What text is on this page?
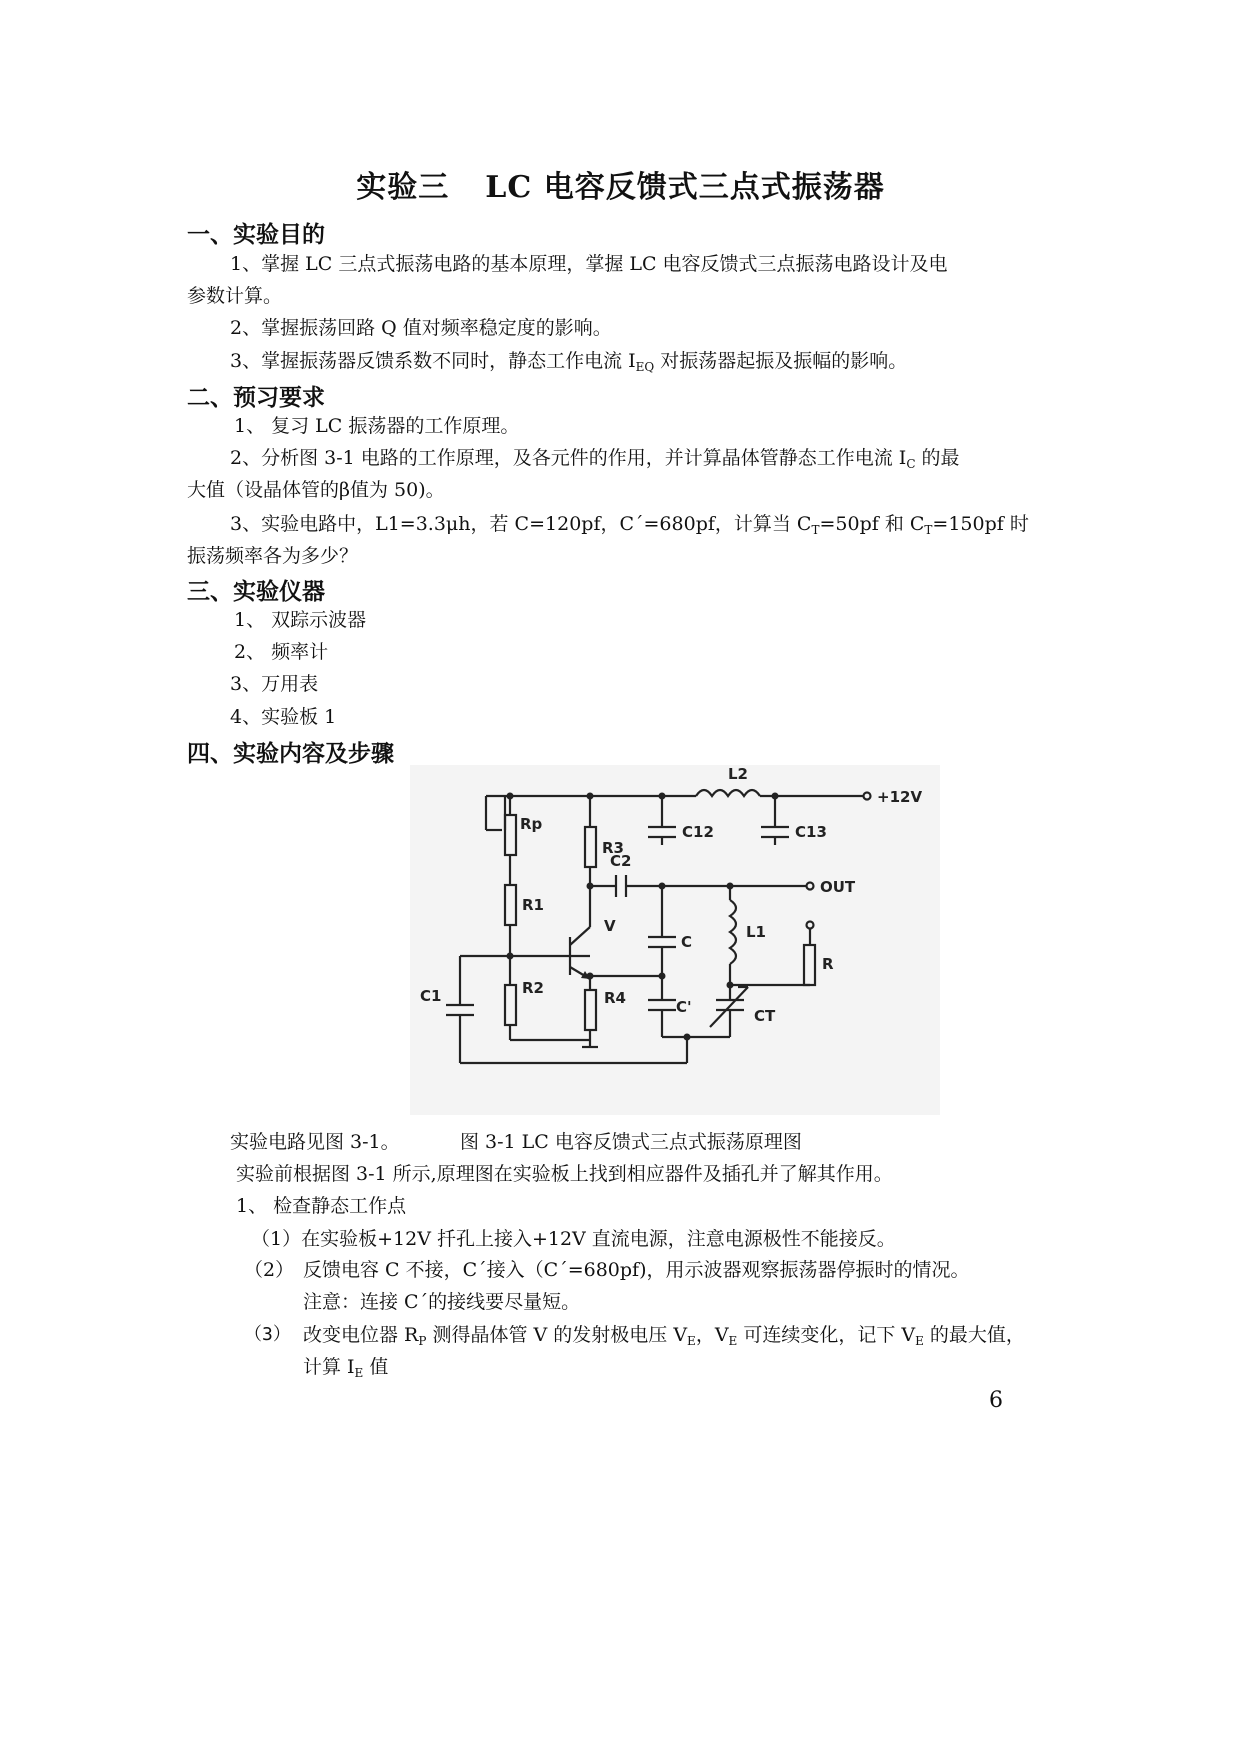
实验三 LC 电容反馈式三点式振荡器
一、实验目的
1、掌握 LC 三点式振荡电路的基本原理，掌握 LC 电容反馈式三点振荡电路设计及电
参数计算。
2、掌握振荡回路 Q 值对频率稳定度的影响。
3、掌握振荡器反馈系数不同时，静态工作电流 $I_{EQ}$ 对振荡器起振及振幅的影响。
二、预习要求
1、 复习 LC 振荡器的工作原理。
2、分析图 3-1 电路的工作原理，及各元件的作用，并计算晶体管静态工作电流 $I_C$ 的最
大值（设晶体管的β值为 50)。
3、实验电路中，L1=3.3μh，若 C=120pf，C´=680pf，计算当 $C_T=50pf$ 和 $C_T=150pf$ 时
振荡频率各为多少？
三、实验仪器
1、 双踪示波器
2、 频率计
3、万用表
4、实验板 1
四、实验内容及步骤
L2
+12V
C12	C13
Rp
R3
C2
OUT
R1
V
C
L1
R
C1	R2
R4	C'	CT
实验电路见图 3-1。	图 3-1 LC 电容反馈式三点式振荡原理图
实验前根据图 3-1 所示,原理图在实验板上找到相应器件及插孔并了解其作用。
1、 检查静态工作点
（1）在实验板+12V 扦孔上接入+12V 直流电源，注意电源极性不能接反。
（2） 反馈电容 C 不接，C´接入（C´=680pf)，用示波器观察振荡器停振时的情况。
注意：连接 C´的接线要尽量短。
（3） 改变电位器 $R_P$ 测得晶体管 V 的发射极电压 $V_E$，$V_E$ 可连续变化，记下 $V_E$ 的最大值，
计算 $I_E$ 值
6
